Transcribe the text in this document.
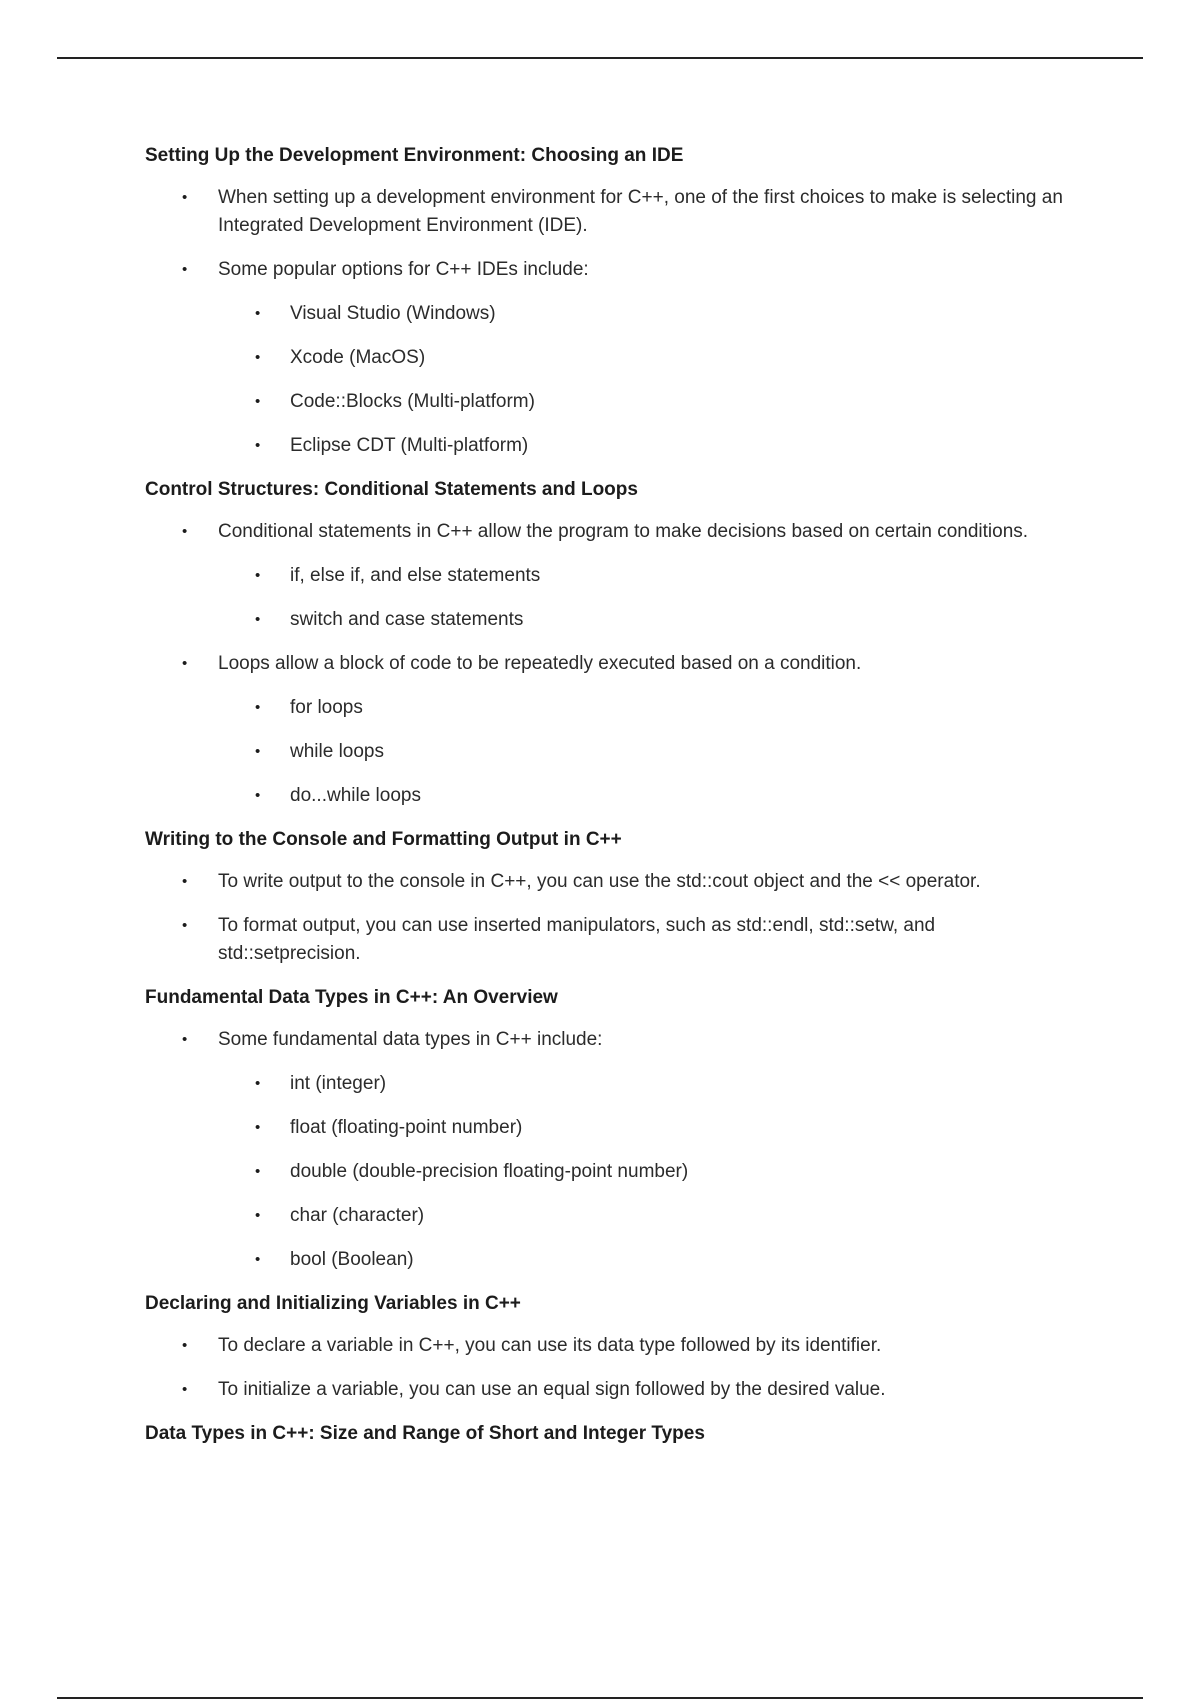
Setting Up the Development Environment: Choosing an IDE
• When setting up a development environment for C++, one of the first choices to make is selecting an Integrated Development Environment (IDE).
• Some popular options for C++ IDEs include:
• Visual Studio (Windows)
• Xcode (MacOS)
• Code::Blocks (Multi-platform)
• Eclipse CDT (Multi-platform)
Control Structures: Conditional Statements and Loops
• Conditional statements in C++ allow the program to make decisions based on certain conditions.
• if, else if, and else statements
• switch and case statements
• Loops allow a block of code to be repeatedly executed based on a condition.
• for loops
• while loops
• do...while loops
Writing to the Console and Formatting Output in C++
• To write output to the console in C++, you can use the std::cout object and the << operator.
• To format output, you can use inserted manipulators, such as std::endl, std::setw, and std::setprecision.
Fundamental Data Types in C++: An Overview
• Some fundamental data types in C++ include:
• int (integer)
• float (floating-point number)
• double (double-precision floating-point number)
• char (character)
• bool (Boolean)
Declaring and Initializing Variables in C++
• To declare a variable in C++, you can use its data type followed by its identifier.
• To initialize a variable, you can use an equal sign followed by the desired value.
Data Types in C++: Size and Range of Short and Integer Types
